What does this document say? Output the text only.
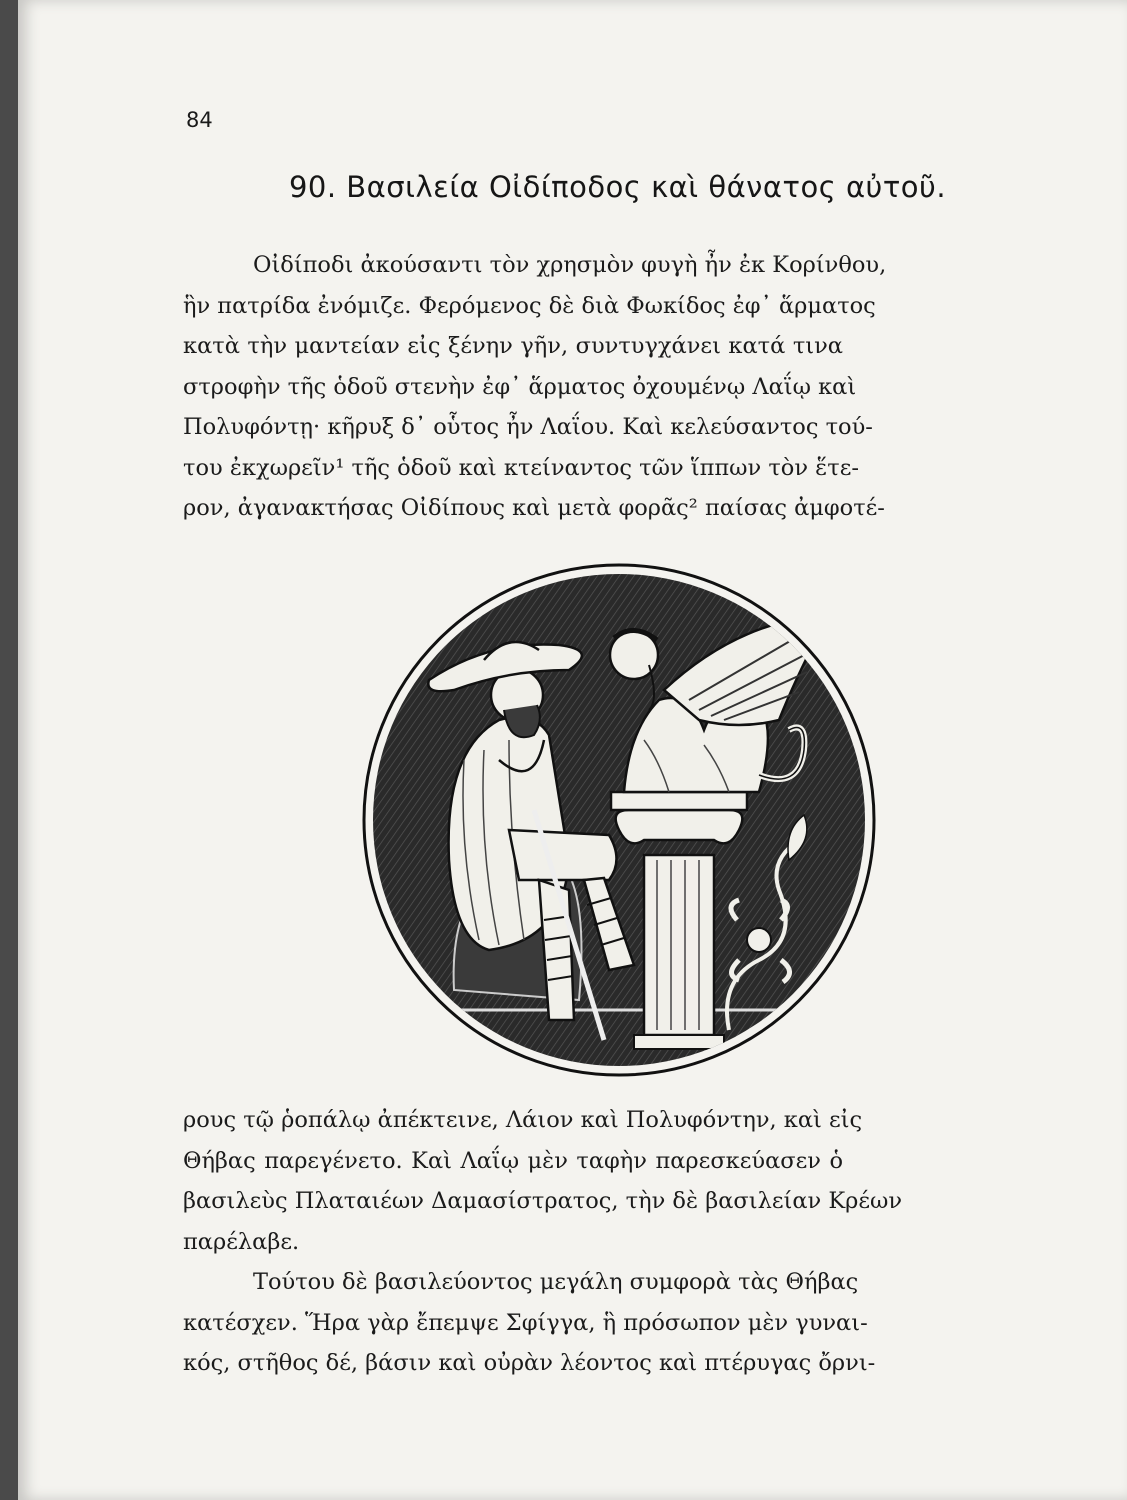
84

90. Βασιλεία Οἰδίποδος καὶ θάνατος αὐτοῦ.
Οἰδίποδι ἀκούσαντι τὸν χρησμὸν φυγὴ ἦν ἐκ Κορίνθου,
ἣν πατρίδα ἐνόμιζε. Φερόμενος δὲ διὰ Φωκίδος ἐφ᾽ ἅρματος
κατὰ τὴν μαντείαν εἰς ξένην γῆν, συντυγχάνει κατά τινα
στροφὴν τῆς ὁδοῦ στενὴν ἐφ᾽ ἅρματος ὀχουμένῳ Λαΐῳ καὶ
Πολυφόντῃ· κῆρυξ δ᾽ οὗτος ἦν Λαΐου. Καὶ κελεύσαντος τού-
του ἐκχωρεῖν¹ τῆς ὁδοῦ καὶ κτείναντος τῶν ἵππων τὸν ἕτε-
ρον, ἀγανακτήσας Οἰδίπους καὶ μετὰ φορᾶς² παίσας ἀμφοτέ-
ρους τῷ ῥοπάλῳ ἀπέκτεινε, Λάιον καὶ Πολυφόντην, καὶ εἰς
Θήβας παρεγένετο. Καὶ Λαΐῳ μὲν ταφὴν παρεσκεύασεν ὁ
βασιλεὺς Πλαταιέων Δαμασίστρατος, τὴν δὲ βασιλείαν Κρέων
παρέλαβε.
Τούτου δὲ βασιλεύοντος μεγάλη συμφορὰ τὰς Θήβας
κατέσχεν. Ἥρα γὰρ ἔπεμψε Σφίγγα, ἣ πρόσωπον μὲν γυναι-
κός, στῆθος δέ, βάσιν καὶ οὐρὰν λέοντος καὶ πτέρυγας ὄρνι-
